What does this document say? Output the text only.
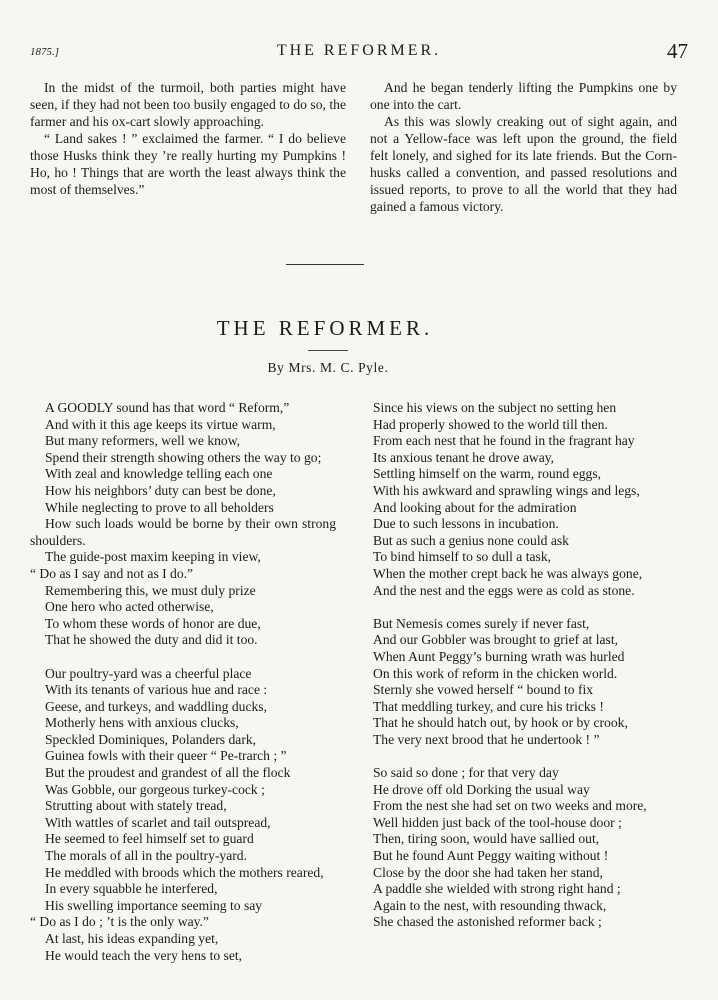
1875.]	THE REFORMER.	47

In the midst of the turmoil, both parties might have seen, if they had not been too busily engaged to do so, the farmer and his ox-cart slowly approaching.

“ Land sakes ! ” exclaimed the farmer. “ I do believe those Husks think they ’re really hurting my Pumpkins ! Ho, ho ! Things that are worth the least always think the most of themselves.”

And he began tenderly lifting the Pumpkins one by one into the cart.

As this was slowly creaking out of sight again, and not a Yellow-face was left upon the ground, the field felt lonely, and sighed for its late friends. But the Corn-husks called a convention, and passed resolutions and issued reports, to prove to all the world that they had gained a famous victory.

THE REFORMER.
By Mrs. M. C. Pyle.
A GOODLY sound has that word “ Reform,”
And with it this age keeps its virtue warm,
But many reformers, well we know,
Spend their strength showing others the way to go;
With zeal and knowledge telling each one
How his neighbors’ duty can best be done,
While neglecting to prove to all beholders
How such loads would be borne by their own strong shoulders.
The guide-post maxim keeping in view,
“ Do as I say and not as I do.”
Remembering this, we must duly prize
One hero who acted otherwise,
To whom these words of honor are due,
That he showed the duty and did it too.
Our poultry-yard was a cheerful place
With its tenants of various hue and race :
Geese, and turkeys, and waddling ducks,
Motherly hens with anxious clucks,
Speckled Dominiques, Polanders dark,
Guinea fowls with their queer “ Pe-trarch ; ”
But the proudest and grandest of all the flock
Was Gobble, our gorgeous turkey-cock ;
Strutting about with stately tread,
With wattles of scarlet and tail outspread,
He seemed to feel himself set to guard
The morals of all in the poultry-yard.
He meddled with broods which the mothers reared,
In every squabble he interfered,
His swelling importance seeming to say
“ Do as I do ; ’t is the only way.”
At last, his ideas expanding yet,
He would teach the very hens to set,
Since his views on the subject no setting hen
Had properly showed to the world till then.
From each nest that he found in the fragrant hay
Its anxious tenant he drove away,
Settling himself on the warm, round eggs,
With his awkward and sprawling wings and legs,
And looking about for the admiration
Due to such lessons in incubation.
But as such a genius none could ask
To bind himself to so dull a task,
When the mother crept back he was always gone,
And the nest and the eggs were as cold as stone.
But Nemesis comes surely if never fast,
And our Gobbler was brought to grief at last,
When Aunt Peggy’s burning wrath was hurled
On this work of reform in the chicken world.
Sternly she vowed herself “ bound to fix
That meddling turkey, and cure his tricks !
That he should hatch out, by hook or by crook,
The very next brood that he undertook ! ”
So said so done ; for that very day
He drove off old Dorking the usual way
From the nest she had set on two weeks and more,
Well hidden just back of the tool-house door ;
Then, tiring soon, would have sallied out,
But he found Aunt Peggy waiting without !
Close by the door she had taken her stand,
A paddle she wielded with strong right hand ;
Again to the nest, with resounding thwack,
She chased the astonished reformer back ;
